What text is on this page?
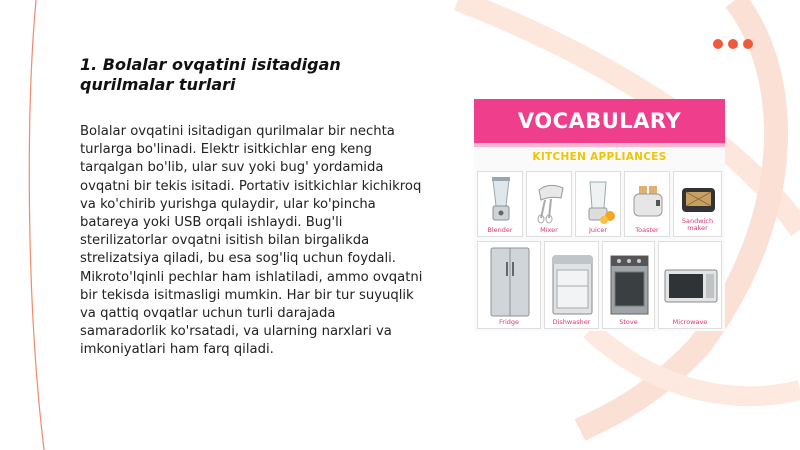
1. Bolalar ovqatini isitadigan qurilmalar turlari
Bolalar ovqatini isitadigan qurilmalar bir nechta turlarga bo'linadi. Elektr isitkichlar eng keng tarqalgan bo'lib, ular suv yoki bug' yordamida ovqatni bir tekis isitadi. Portativ isitkichlar kichikroq va ko'chirib yurishga qulaydir, ular ko'pincha batareya yoki USB orqali ishlaydi. Bug'li sterilizatorlar ovqatni isitish bilan birgalikda strelizatsiya qiladi, bu esa sog'liq uchun foydali. Mikroto'lqinli pechlar ham ishlatiladi, ammo ovqatni bir tekisda isitmasligi mumkin. Har bir tur suyuqlik va qattiq ovqatlar uchun turli darajada samaradorlik ko'rsatadi, va ularning narxlari va imkoniyatlari ham farq qiladi.
VOCABULARY
KITCHEN APPLIANCES
Blender	Mixer	Juicer	Toaster
Sandwich maker
Fridge	Dishwasher	Stove	Microwave
